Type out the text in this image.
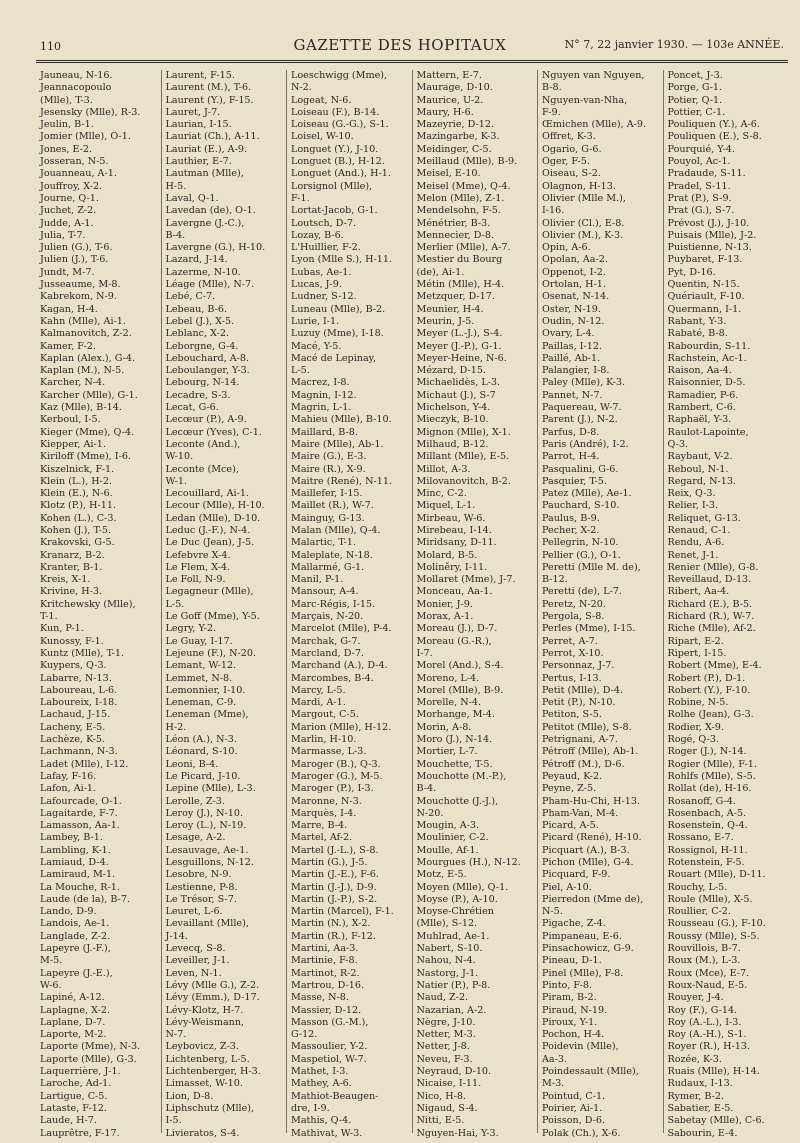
110	GAZETTE DES HOPITAUX	N° 7, 22 janvier 1930. — 103e ANNÉE.
Jauneau, N-16.
Jeannacopoulo
(Mlle), T-3.
Jesensky (Mlle), R-3.
Jeulin, B-1.
Jomier (Mlle), O-1.
Jones, E-2.
Josseran, N-5.
Jouanneau, A-1.
Jouffroy, X-2.
Journe, Q-1.
Juchet, Z-2.
Judde, A-1.
Julia, T-7.
Julien (G.), T-6.
Julien (J.), T-6.
Jundt, M-7.
Jusseaume, M-8.
Kabrekom, N-9.
Kagan, H-4.
Kahn (Mlle), Ai-1.
Kalmanovitch, Z-2.
Kamer, F-2.
Kaplan (Alex.), G-4.
Kaplan (M.), N-5.
Karcher, N-4.
Karcher (Mlle), G-1.
Kaz (Mlle), B-14.
Kerboul, I-5.
Kieger (Mme), Q-4.
Kiepper, Ai-1.
Kiriloff (Mme), I-6.
Kiszelnick, F-1.
Klein (L.), H-2.
Klein (E.), N-6.
Klotz (P.), H-11.
Kohen (L.), C-3.
Kohen (J.), T-5.
Krakovski, G-5.
Kranarz, B-2.
Kranter, B-1.
Kreis, X-1.
Krivine, H-3.
Kritchewsky (Mlle),
T-1.
Kun, P-1.
Kunossy, F-1.
Kuntz (Mlle), T-1.
Kuypers, Q-3.
Labarre, N-13.
Laboureau, L-6.
Laboureix, I-18.
Lachaud, J-15.
Lacheny, E-5.
Lachèze, K-5.
Lachmann, N-3.
Ladet (Mlle), I-12.
Lafay, F-16.
Lafon, Ai-1.
Lafourcade, O-1.
Lagaitarde, F-7.
Lamasson, Aa-1.
Lambey, B-1.
Lambling, K-1.
Lamiaud, D-4.
Lamiraud, M-1.
La Mouche, R-1.
Laude (de la), B-7.
Lando, D-9.
Landois, Ae-1.
Langlade, Z-2.
Lapeyre (J.-F.),
M-5.
Lapeyre (J.-E.),
W-6.
Lapiné, A-12.
Laplagne, X-2.
Laplane, D-7.
Laporte, M-2.
Laporte (Mme), N-3.
Laporte (Mlle), G-3.
Laquerrière, J-1.
Laroche, Ad-1.
Lartigue, C-5.
Lataste, F-12.
Laude, H-7.
Lauprêtre, F-17.
Laurent, F-15.
Laurent (M.), T-6.
Laurent (Y.), F-15.
Lauret, J-7.
Laurian, I-15.
Lauriat (Ch.), A-11.
Lauriat (E.), A-9.
Lauthier, E-7.
Lautman (Mlle),
H-5.
Laval, Q-1.
Lavedan (de), O-1.
Lavergne (J.-C.),
B-4.
Lavergne (G.), H-10.
Lazard, J-14.
Lazerme, N-10.
Léage (Mlle), N-7.
Lebé, C-7.
Lebeau, B-6.
Lebel (J.), X-5.
Leblanc, X-2.
Leborgne, G-4.
Lebouchard, A-8.
Leboulanger, Y-3.
Lebourg, N-14.
Lecadre, S-3.
Lecat, G-6.
Lecœur (P.), A-9.
Lecœur (Yves), C-1.
Leconte (And.),
W-10.
Leconte (Mce),
W-1.
Lecouillard, Ai-1.
Lecour (Mlle), H-10.
Ledan (Mlle), D-10.
Leduc (J.-F.), N-4.
Le Duc (Jean), J-5.
Lefebvre X-4.
Le Flem, X-4.
Le Foll, N-9.
Legagneur (Mlle),
L-5.
Le Goff (Mme), Y-5.
Legry, Y-2.
Le Guay, I-17.
Lejeune (F.), N-20.
Lemant, W-12.
Lemmet, N-8.
Lemonnier, I-10.
Leneman, C-9.
Leneman (Mme),
H-2.
Léon (A.), N-3.
Léonard, S-10.
Leoni, B-4.
Le Picard, J-10.
Lepine (Mlle), L-3.
Lerolle, Z-3.
Leroy (J.), N-10.
Leroy (L.), N-19.
Lesage, A-2.
Lesauvage, Ae-1.
Lesguillons, N-12.
Lesobre, N-9.
Lestienne, P-8.
Le Trésor, S-7.
Leuret, L-6.
Levaillant (Mlle),
J-14.
Levecq, S-8.
Leveiller, J-1.
Leven, N-1.
Lévy (Mlle G.), Z-2.
Lévy (Emm.), D-17.
Lévy-Klotz, H-7.
Lévy-Weismann,
N-7.
Leybovicz, Z-3.
Lichtenberg, L-5.
Lichtenberger, H-3.
Limasset, W-10.
Lion, D-8.
Liphschutz (Mlle),
I-5.
Livieratos, S-4.
Loeschwigg (Mme),
N-2.
Logeat, N-6.
Loiseau (F.), B-14.
Loiseau (G.-G.), S-1.
Loisel, W-10.
Longuet (Y.), J-10.
Longuet (B.), H-12.
Longuet (And.), H-1.
Lorsignol (Mlle),
F-1.
Lortat-Jacob, G-1.
Loutsch, D-7.
Lozay, B-6.
L'Huillier, F-2.
Lyon (Mlle S.), H-11.
Lubas, Ae-1.
Lucas, J-9.
Ludner, S-12.
Luneau (Mlle), B-2.
Lurie, I-1.
Luzuy (Mme), I-18.
Macé, Y-5.
Macé de Lepinay,
L-5.
Macrez, I-8.
Magnin, I-12.
Magrin, L-1.
Mahieu (Mlle), B-10.
Maillard, B-8.
Maire (Mlle), Ab-1.
Maire (G.), E-3.
Maire (R.), X-9.
Maitre (René), N-11.
Maillefer, I-15.
Maillet (R.), W-7.
Mainguy, G-13.
Malan (Mlle), Q-4.
Malartic, T-1.
Maleplate, N-18.
Mallarmé, G-1.
Manil, P-1.
Mansour, A-4.
Marc-Régis, I-15.
Marçais, N-20.
Marcelot (Mlle), P-4.
Marchak, G-7.
Marcland, D-7.
Marchand (A.), D-4.
Marcombes, B-4.
Marcy, L-5.
Mardi, A-1.
Margout, C-5.
Marion (Mlle), H-12.
Marlin, H-10.
Marmasse, L-3.
Maroger (B.), Q-3.
Maroger (G.), M-5.
Maroger (P.), I-3.
Maronne, N-3.
Marquès, I-4.
Marre, B-4.
Martel, Af-2.
Martel (J.-L.), S-8.
Martin (G.), J-5.
Martin (J.-E.), F-6.
Martin (J.-J.), D-9.
Martin (J.-P.), S-2.
Martin (Marcel), F-1.
Martin (N.), X-2.
Martin (R.), F-12.
Martini, Aa-3.
Martinie, F-8.
Martinot, R-2.
Martrou, D-16.
Masse, N-8.
Massier, D-12.
Masson (G.-M.),
G-12.
Massoulier, Y-2.
Maspetiol, W-7.
Mathet, I-3.
Mathey, A-6.
Mathiot-Beaugen-
dre, I-9.
Mathis, Q-4.
Mathivat, W-3.
Mattern, E-7.
Maurage, D-10.
Maurice, U-2.
Maury, H-6.
Mazeyrie, D-12.
Mazingarbe, K-3.
Meidinger, C-5.
Meillaud (Mlle), B-9.
Meisel, E-10.
Meisel (Mme), Q-4.
Melon (Mlle), Z-1.
Mendelsohn, F-5.
Ménétrier, B-3.
Mennecier, D-8.
Merlier (Mlle), A-7.
Mestier du Bourg
(de), Ai-1.
Métin (Mlle), H-4.
Metzquer, D-17.
Meunier, H-4.
Meurin, J-5.
Meyer (L.-J.), S-4.
Meyer (J.-P.), G-1.
Meyer-Heine, N-6.
Mézard, D-15.
Michaelidès, L-3.
Michaut (J.), S-7
Michelson, Y-4.
Mieczyk, B-10.
Mignon (Mlle), X-1.
Milhaud, B-12.
Millant (Mlle), E-5.
Millot, A-3.
Milovanovitch, B-2.
Minc, C-2.
Miquel, L-1.
Mirbeau, W-6.
Mirebeau, I-14.
Miridsany, D-11.
Molard, B-5.
Moliněry, I-11.
Mollaret (Mme), J-7.
Monceau, Aa-1.
Monier, J-9.
Morax, A-1.
Moreau (J.), D-7.
Moreau (G.-R.),
I-7.
Morel (And.), S-4.
Moreno, L-4.
Morel (Mlle), B-9.
Morelle, N-4.
Morhange, M-4.
Morin, A-8.
Moro (J.), N-14.
Mortier, L-7.
Mouchette, T-5.
Mouchotte (M.-P.),
B-4.
Mouchotte (J.-J.),
N-20.
Mougin, A-3.
Moulinier, C-2.
Moulle, Af-1.
Mourgues (H.), N-12.
Motz, E-5.
Moyen (Mlle), Q-1.
Moyse (P.), A-10.
Moyse-Chrétien
(Mlle), S-12.
Muhlrad, Ae-1.
Nabert, S-10.
Nahou, N-4.
Nastorg, J-1.
Natier (P.), P-8.
Naud, Z-2.
Nazarian, A-2.
Nègre, J-10.
Netter, M-3.
Netter, J-8.
Neveu, F-3.
Neyraud, D-10.
Nicaise, I-11.
Nico, H-8.
Nigaud, S-4.
Nitti, E-5.
Nguyen-Hai, Y-3.
Nguyen van Nguyen,
B-8.
Nguyen-van-Nha,
F-9.
Œmichen (Mlle), A-9.
Offret, K-3.
Ogario, G-6.
Oger, F-5.
Oiseau, S-2.
Olagnon, H-13.
Olivier (Mlle M.),
I-16.
Olivier (Cl.), E-8.
Olivier (M.), K-3.
Opin, A-6.
Opolan, Aa-2.
Oppenot, I-2.
Ortolan, H-1.
Osenat, N-14.
Oster, N-19.
Oudin, N-12.
Ovary, L-4.
Paillas, I-12.
Paillé, Ab-1.
Palangier, I-8.
Paley (Mlle), K-3.
Pannet, N-7.
Paquereau, W-7.
Parent (J.), N-2.
Parfus, D-8.
Paris (André), I-2.
Parrot, H-4.
Pasqualini, G-6.
Pasquier, T-5.
Patez (Mlle), Ae-1.
Pauchard, S-10.
Paulus, B-9.
Pecher, X-2.
Pellegrin, N-10.
Pellier (G.), O-1.
Peretti (Mlle M. de),
B-12.
Peretti (de), L-7.
Peretz, N-20.
Pergola, S-8.
Perles (Mme), I-15.
Perret, A-7.
Perrot, X-10.
Personnaz, J-7.
Pertus, I-13.
Petit (Mlle), D-4.
Petit (P.), N-10.
Petiton, S-5.
Petitot (Mlle), S-8.
Petrignani, A-7.
Pétroff (Mlle), Ab-1.
Pétroff (M.), D-6.
Peyaud, K-2.
Peyne, Z-5.
Pham-Hu-Chi, H-13.
Pham-Van, M-4.
Picard, A-5.
Picard (René), H-10.
Picquart (A.), B-3.
Pichon (Mlle), G-4.
Picquard, F-9.
Piel, A-10.
Pierredon (Mme de),
N-5.
Pigache, Z-4.
Pimpaneau, E-6.
Pinsachowicz, G-9.
Pineau, D-1.
Pinel (Mlle), F-8.
Pinto, F-8.
Piram, B-2.
Piraud, N-19.
Piroux, Y-1.
Pochon, H-4.
Poidevin (Mlle),
Aa-3.
Poindessault (Mlle),
M-3.
Pointud, C-1.
Poirier, Ai-1.
Poisson, D-6.
Polak (Ch.), X-6.
Poncet, J-3.
Porge, G-1.
Potier, Q-1.
Pottier, C-1.
Pouliquen (Y.), A-6.
Pouliquen (E.), S-8.
Pourquié, Y-4.
Pouyol, Ac-1.
Pradaude, S-11.
Pradel, S-11.
Prat (P.), S-9.
Prat (G.), S-7.
Prévost (J.), J-10.
Puisais (Mlle), J-2.
Puistienne, N-13.
Puybaret, F-13.
Pyt, D-16.
Quentin, N-15.
Quériault, F-10.
Quermann, I-1.
Rabant, Y-3.
Rabaté, B-8.
Rabourdin, S-11.
Rachstein, Ac-1.
Raison, Aa-4.
Raisonnier, D-5.
Ramadier, P-6.
Rambert, C-6.
Raphaël, Y-3.
Raulot-Lapointe,
Q-3.
Raybaut, V-2.
Reboul, N-1.
Regard, N-13.
Reix, Q-3.
Relier, I-3.
Reliquet, G-13.
Renaud, C-1.
Rendu, A-6.
Renet, J-1.
Renier (Mlle), G-8.
Reveillaud, D-13.
Ribert, Aa-4.
Richard (E.), B-5.
Richard (R.), W-7.
Riche (Mlle), Af-2.
Ripart, E-2.
Ripert, I-15.
Robert (Mme), E-4.
Robert (P.), D-1.
Robert (Y.), F-10.
Robine, N-5.
Rolhe (Jean), G-3.
Rodier, X-9.
Rogé, Q-3.
Roger (J.), N-14.
Rogier (Mlle), F-1.
Rohlfs (Mlle), S-5.
Rollat (de), H-16.
Rosanoff, G-4.
Rosenbach, A-5.
Rosenstein, Q-4.
Rossano, E-7.
Rossignol, H-11.
Rotenstein, F-5.
Rouart (Mlle), D-11.
Rouchy, L-5.
Roule (Mlle), X-5.
Roullier, C-2.
Rousseau (G.), F-10.
Roussy (Mlle), S-5.
Rouvillois, B-7.
Roux (M.), L-3.
Roux (Mce), E-7.
Roux-Naud, E-5.
Rouyer, J-4.
Roy (F.), G-14.
Roy (A.-L.), I-3.
Roy (A.-H.), S-1.
Royer (R.), H-13.
Rozée, K-3.
Ruais (Mlle), H-14.
Rudaux, I-13.
Rymer, B-2.
Sabatier, E-5.
Sabetay (Mlle), C-6.
Sabourin, E-4.
